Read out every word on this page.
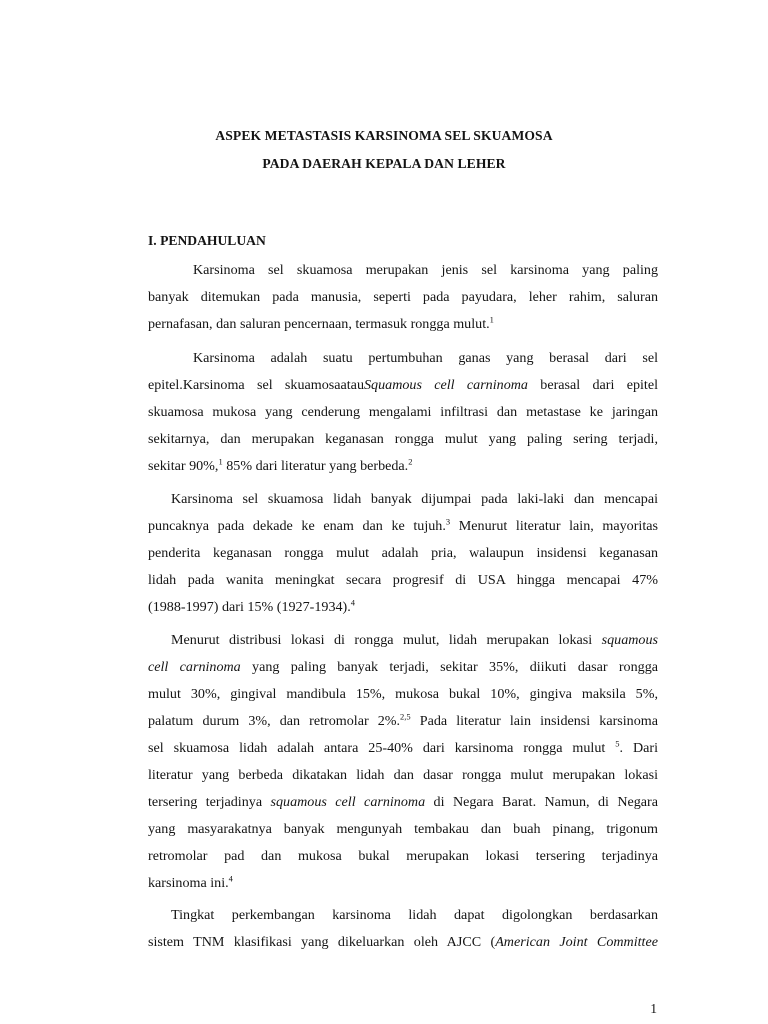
ASPEK METASTASIS KARSINOMA SEL SKUAMOSA

PADA DAERAH KEPALA DAN LEHER

I. PENDAHULUAN

Karsinoma sel skuamosa merupakan jenis sel karsinoma yang paling
banyak ditemukan pada manusia, seperti pada payudara, leher rahim, saluran
pernafasan, dan saluran pencernaan, termasuk rongga mulut.$^1$
Karsinoma adalah suatu pertumbuhan ganas yang berasal dari sel
epitel.Karsinoma sel skuamosaatauSquamous cell carninoma berasal dari epitel
skuamosa mukosa yang cenderung mengalami infiltrasi dan metastase ke jaringan
sekitarnya, dan merupakan keganasan rongga mulut yang paling sering terjadi,
sekitar 90%,$^1$ 85% dari literatur yang berbeda.$^2$
Karsinoma sel skuamosa lidah banyak dijumpai pada laki-laki dan mencapai
puncaknya pada dekade ke enam dan ke tujuh.$^3$ Menurut literatur lain, mayoritas
penderita keganasan rongga mulut adalah pria, walaupun insidensi keganasan
lidah pada wanita meningkat secara progresif di USA hingga mencapai 47%
(1988-1997) dari 15% (1927-1934).$^4$
Menurut distribusi lokasi di rongga mulut, lidah merupakan lokasi squamous
cell carninoma yang paling banyak terjadi, sekitar 35%, diikuti dasar rongga
mulut 30%, gingival mandibula 15%, mukosa bukal 10%, gingiva maksila 5%,
palatum durum 3%, dan retromolar 2%.$^{2,5}$ Pada literatur lain insidensi karsinoma
sel skuamosa lidah adalah antara 25-40% dari karsinoma rongga mulut $^5$. Dari
literatur yang berbeda dikatakan lidah dan dasar rongga mulut merupakan lokasi
tersering terjadinya squamous cell carninoma di Negara Barat. Namun, di Negara
yang masyarakatnya banyak mengunyah tembakau dan buah pinang, trigonum
retromolar pad dan mukosa bukal merupakan lokasi tersering terjadinya
karsinoma ini.$^4$
Tingkat perkembangan karsinoma lidah dapat digolongkan berdasarkan
sistem TNM klasifikasi yang dikeluarkan oleh AJCC (American Joint Committee

1
